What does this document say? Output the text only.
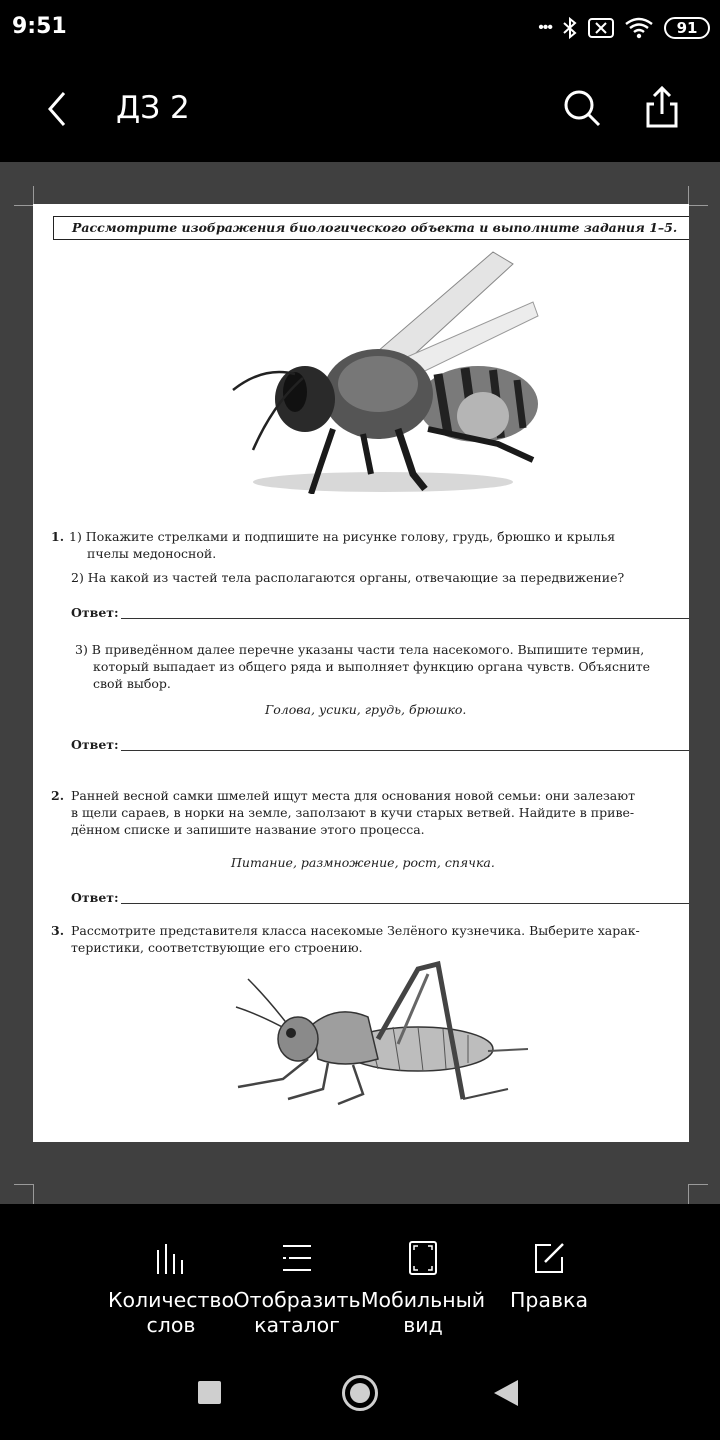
9:51	•••	91
ДЗ 2
Рассмотрите изображения биологического объекта и выполните задания 1–5.
1. 1) Покажите стрелками и подпишите на рисунке голову, грудь, брюшко и крылья
пчелы медоносной.
2) На какой из частей тела располагаются органы, отвечающие за передвижение?
Ответ:
3) В приведённом далее перечне указаны части тела насекомого. Выпишите термин,
который выпадает из общего ряда и выполняет функцию органа чувств. Объясните
свой выбор.
Голова, усики, грудь, брюшко.
Ответ:
2. Ранней весной самки шмелей ищут места для основания новой семьи: они залезают
в щели сараев, в норки на земле, заползают в кучи старых ветвей. Найдите в приве-
дённом списке и запишите название этого процесса.
Питание, размножение, рост, спячка.
Ответ:
3. Рассмотрите представителя класса насекомые Зелёного кузнечика. Выберите харак-
теристики, соответствующие его строению.
Количество слов
Отобразить каталог
Мобильный вид
Правка
